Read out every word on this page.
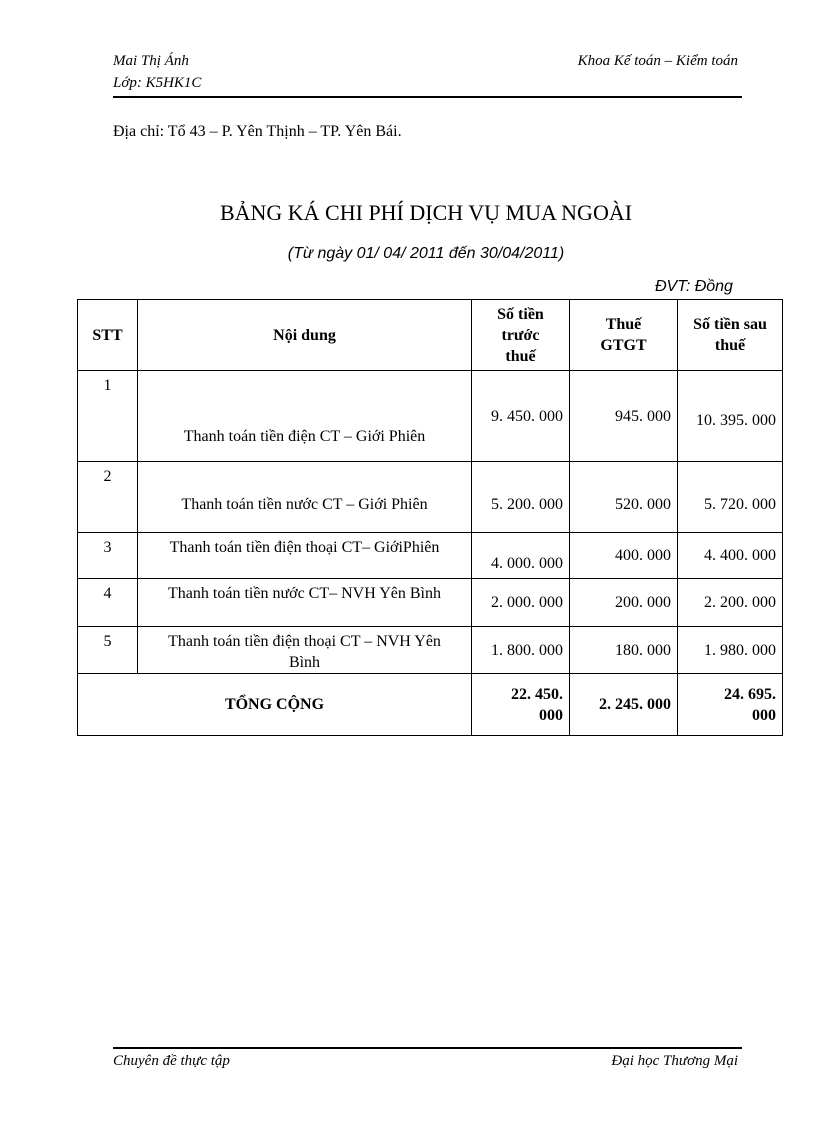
Mai Thị Ánh
Lớp: K5HK1C
Khoa Kế toán – Kiểm toán
Địa chỉ: Tổ 43 – P. Yên Thịnh – TP. Yên Bái.
BẢNG KÁ CHI PHÍ DỊCH VỤ MUA NGOÀI
(Từ ngày 01/ 04/ 2011 đến 30/04/2011)
ĐVT: Đồng
STT	Nội dung	Số tiền trước thuế	Thuế GTGT	Số tiền sau thuế
1	Thanh toán tiền điện CT – Giới Phiên	9. 450. 000	945. 000	10. 395. 000
2	Thanh toán tiền nước CT – Giới Phiên	5. 200. 000	520. 000	5. 720. 000
3	Thanh toán tiền điện thoại CT– GiớiPhiên	4. 000. 000	400. 000	4. 400. 000
4	Thanh toán tiền nước CT– NVH Yên Bình	2. 000. 000	200. 000	2. 200. 000
5	Thanh toán tiền điện thoại CT – NVH Yên Bình	1. 800. 000	180. 000	1. 980. 000
TỔNG CỘNG		22. 450. 000	2. 245. 000	24. 695. 000
Chuyên đề thực tập	Đại học Thương Mại
